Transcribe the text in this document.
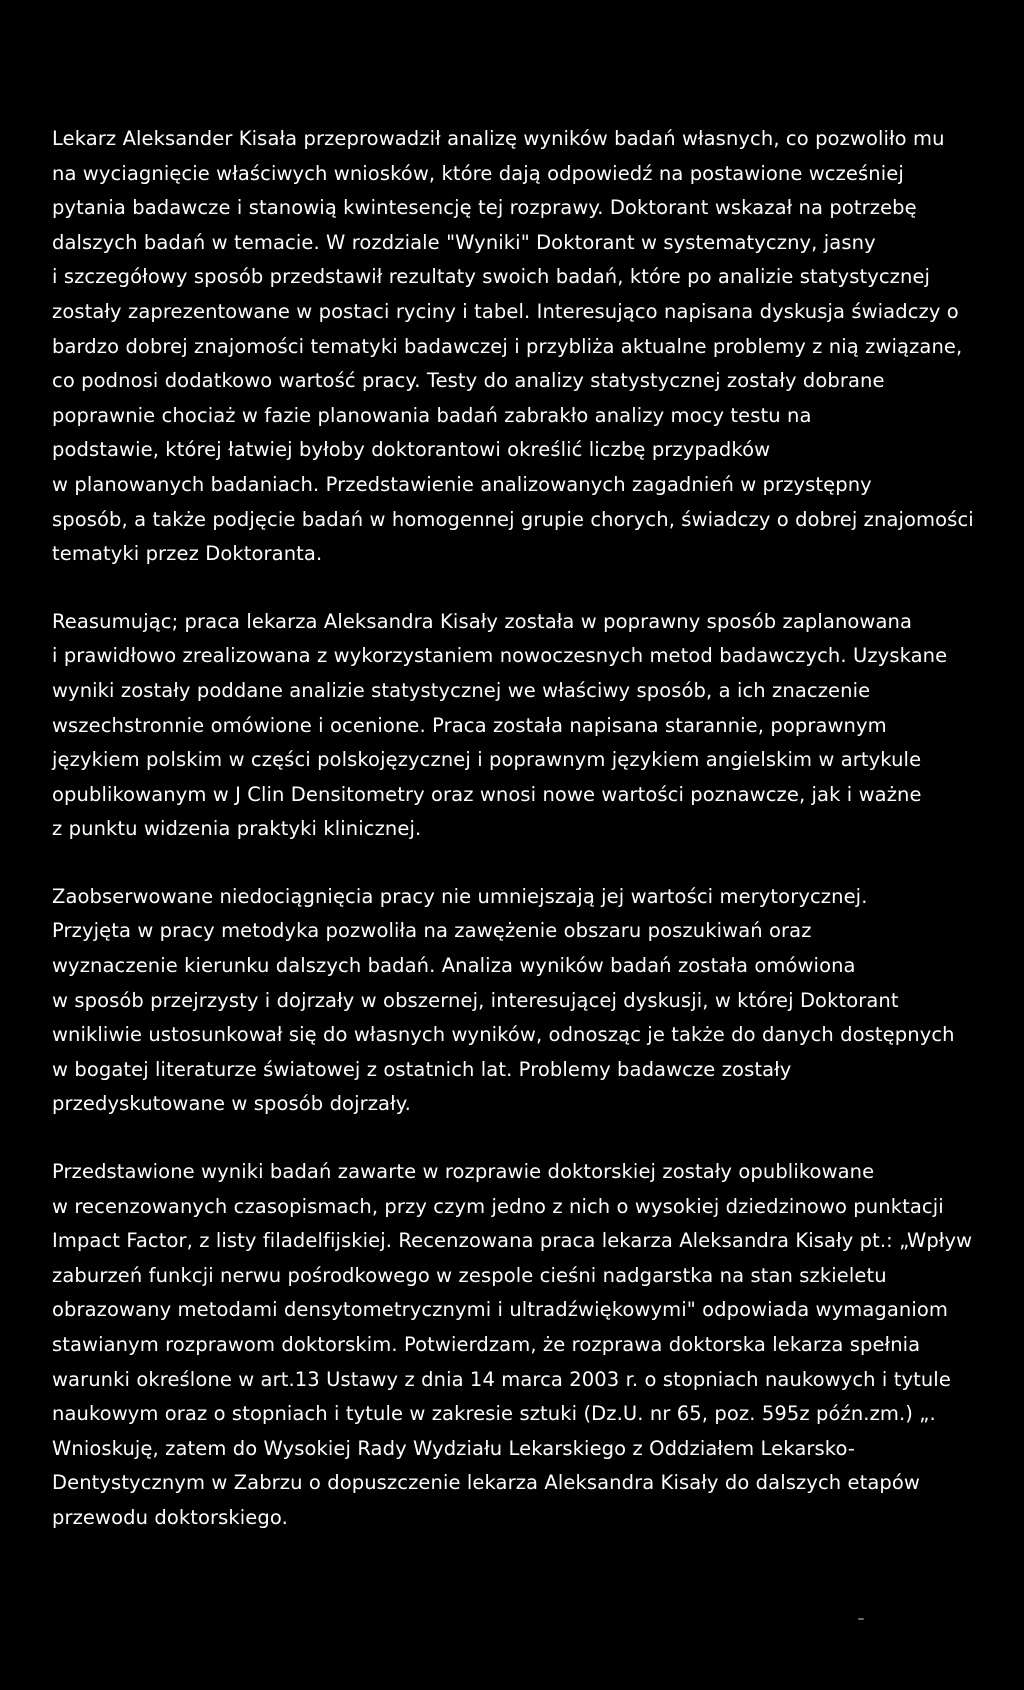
Lekarz Aleksander Kisała przeprowadził analizę wyników badań własnych, co pozwoliło mu
na wyciagnięcie właściwych wniosków, które dają odpowiedź na postawione wcześniej
pytania badawcze i stanowią kwintesencję tej rozprawy. Doktorant wskazał na potrzebę
dalszych badań w temacie. W rozdziale "Wyniki" Doktorant w systematyczny, jasny
i szczegółowy sposób przedstawił rezultaty swoich badań, które po analizie statystycznej
zostały zaprezentowane w postaci ryciny i tabel. Interesująco napisana dyskusja świadczy o
bardzo dobrej znajomości tematyki badawczej i przybliża aktualne problemy z nią związane,
co podnosi dodatkowo wartość pracy. Testy do analizy statystycznej zostały dobrane
poprawnie chociaż w fazie planowania badań zabrakło analizy mocy testu na
podstawie, której łatwiej byłoby doktorantowi określić liczbę przypadków
w planowanych badaniach. Przedstawienie analizowanych zagadnień w przystępny
sposób, a także podjęcie badań w homogennej grupie chorych, świadczy o dobrej znajomości
tematyki przez Doktoranta.

Reasumując; praca lekarza Aleksandra Kisały została w poprawny sposób zaplanowana
i prawidłowo zrealizowana z wykorzystaniem nowoczesnych metod badawczych. Uzyskane
wyniki zostały poddane analizie statystycznej we właściwy sposób, a ich znaczenie
wszechstronnie omówione i ocenione. Praca została napisana starannie, poprawnym
językiem polskim w części polskojęzycznej i poprawnym językiem angielskim w artykule
opublikowanym w J Clin Densitometry oraz wnosi nowe wartości poznawcze, jak i ważne
z punktu widzenia praktyki klinicznej.

Zaobserwowane niedociągnięcia pracy nie umniejszają jej wartości merytorycznej.
Przyjęta w pracy metodyka pozwoliła na zawężenie obszaru poszukiwań oraz
wyznaczenie kierunku dalszych badań. Analiza wyników badań została omówiona
w sposób przejrzysty i dojrzały w obszernej, interesującej dyskusji, w której Doktorant
wnikliwie ustosunkował się do własnych wyników, odnosząc je także do danych dostępnych
w bogatej literaturze światowej z ostatnich lat. Problemy badawcze zostały
przedyskutowane w sposób dojrzały.

Przedstawione wyniki badań zawarte w rozprawie doktorskiej zostały opublikowane
w recenzowanych czasopismach, przy czym jedno z nich o wysokiej dziedzinowo punktacji
Impact Factor, z listy filadelfijskiej. Recenzowana praca lekarza Aleksandra Kisały pt.: „Wpływ
zaburzeń funkcji nerwu pośrodkowego w zespole cieśni nadgarstka na stan szkieletu
obrazowany metodami densytometrycznymi i ultradźwiękowymi" odpowiada wymaganiom
stawianym rozprawom doktorskim. Potwierdzam, że rozprawa doktorska lekarza spełnia
warunki określone w art.13 Ustawy z dnia 14 marca 2003 r. o stopniach naukowych i tytule
naukowym oraz o stopniach i tytule w zakresie sztuki (Dz.U. nr 65, poz. 595z późn.zm.) „.
Wnioskuję, zatem do Wysokiej Rady Wydziału Lekarskiego z Oddziałem Lekarsko-
Dentystycznym w Zabrzu o dopuszczenie lekarza Aleksandra Kisały do dalszych etapów
przewodu doktorskiego.
